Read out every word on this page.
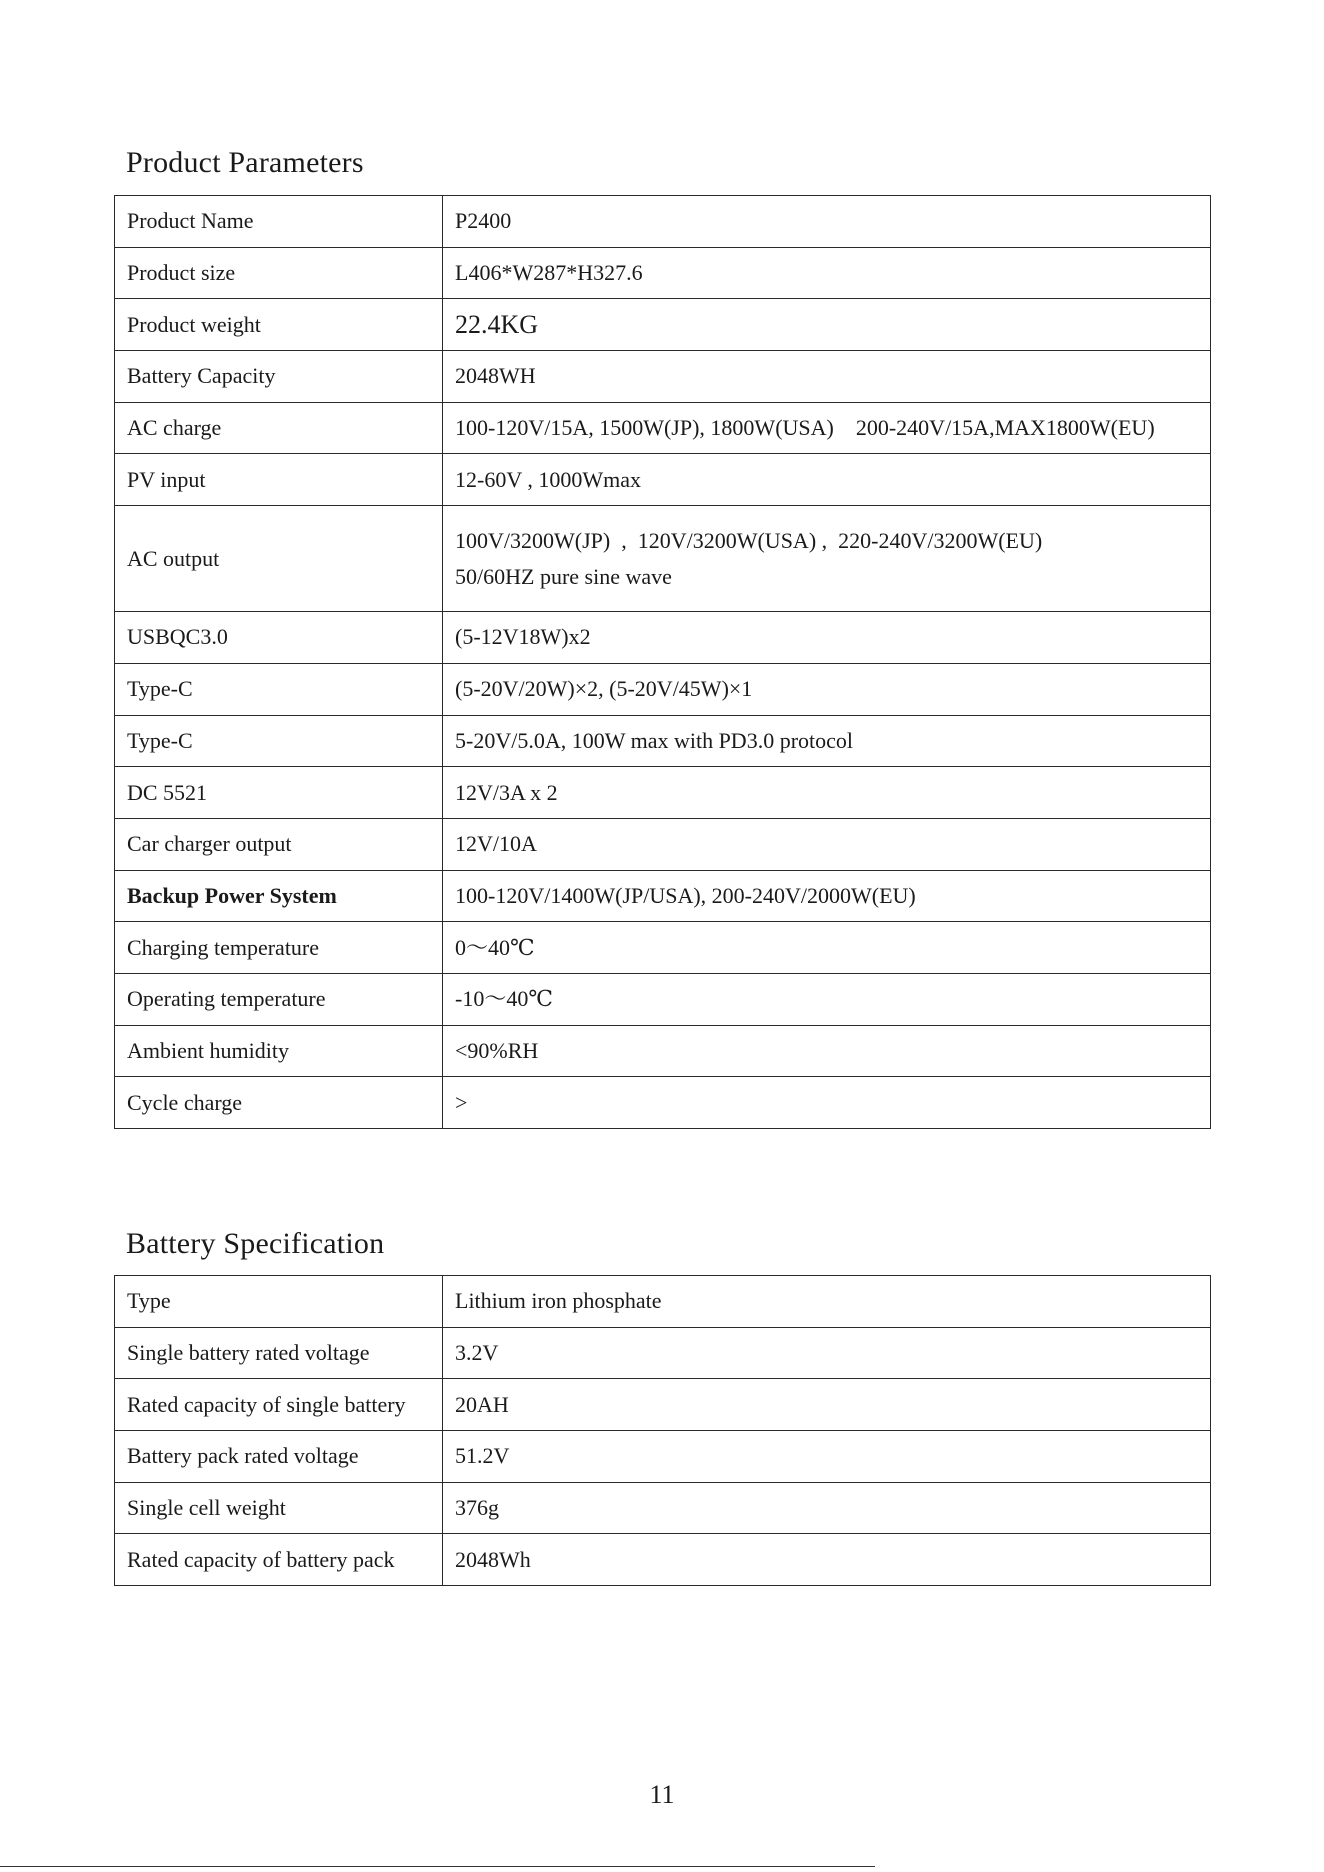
Product Parameters
Product Name	P2400
Product size	L406*W287*H327.6
Product weight	22.4KG
Battery Capacity	2048WH
AC charge	100-120V/15A, 1500W(JP), 1800W(USA)    200-240V/15A,MAX1800W(EU)
PV input	12-60V , 1000Wmax
AC output	100V/3200W(JP)  ,  120V/3200W(USA) ,  220-240V/3200W(EU)
50/60HZ pure sine wave

USBQC3.0	(5-12V18W)x2
Type-C	(5-20V/20W)×2, (5-20V/45W)×1
Type-C	5-20V/5.0A, 100W max with PD3.0 protocol
DC 5521	12V/3A x 2
Car charger output	12V/10A
Backup Power System	100-120V/1400W(JP/USA), 200-240V/2000W(EU)
Charging temperature	0～40℃
Operating temperature	-10～40℃
Ambient humidity	<90%RH
Cycle charge	>
Battery Specification
Type	Lithium iron phosphate
Single battery rated voltage	3.2V
Rated capacity of single battery	20AH
Battery pack rated voltage	51.2V
Single cell weight	376g
Rated capacity of battery pack	2048Wh
11
